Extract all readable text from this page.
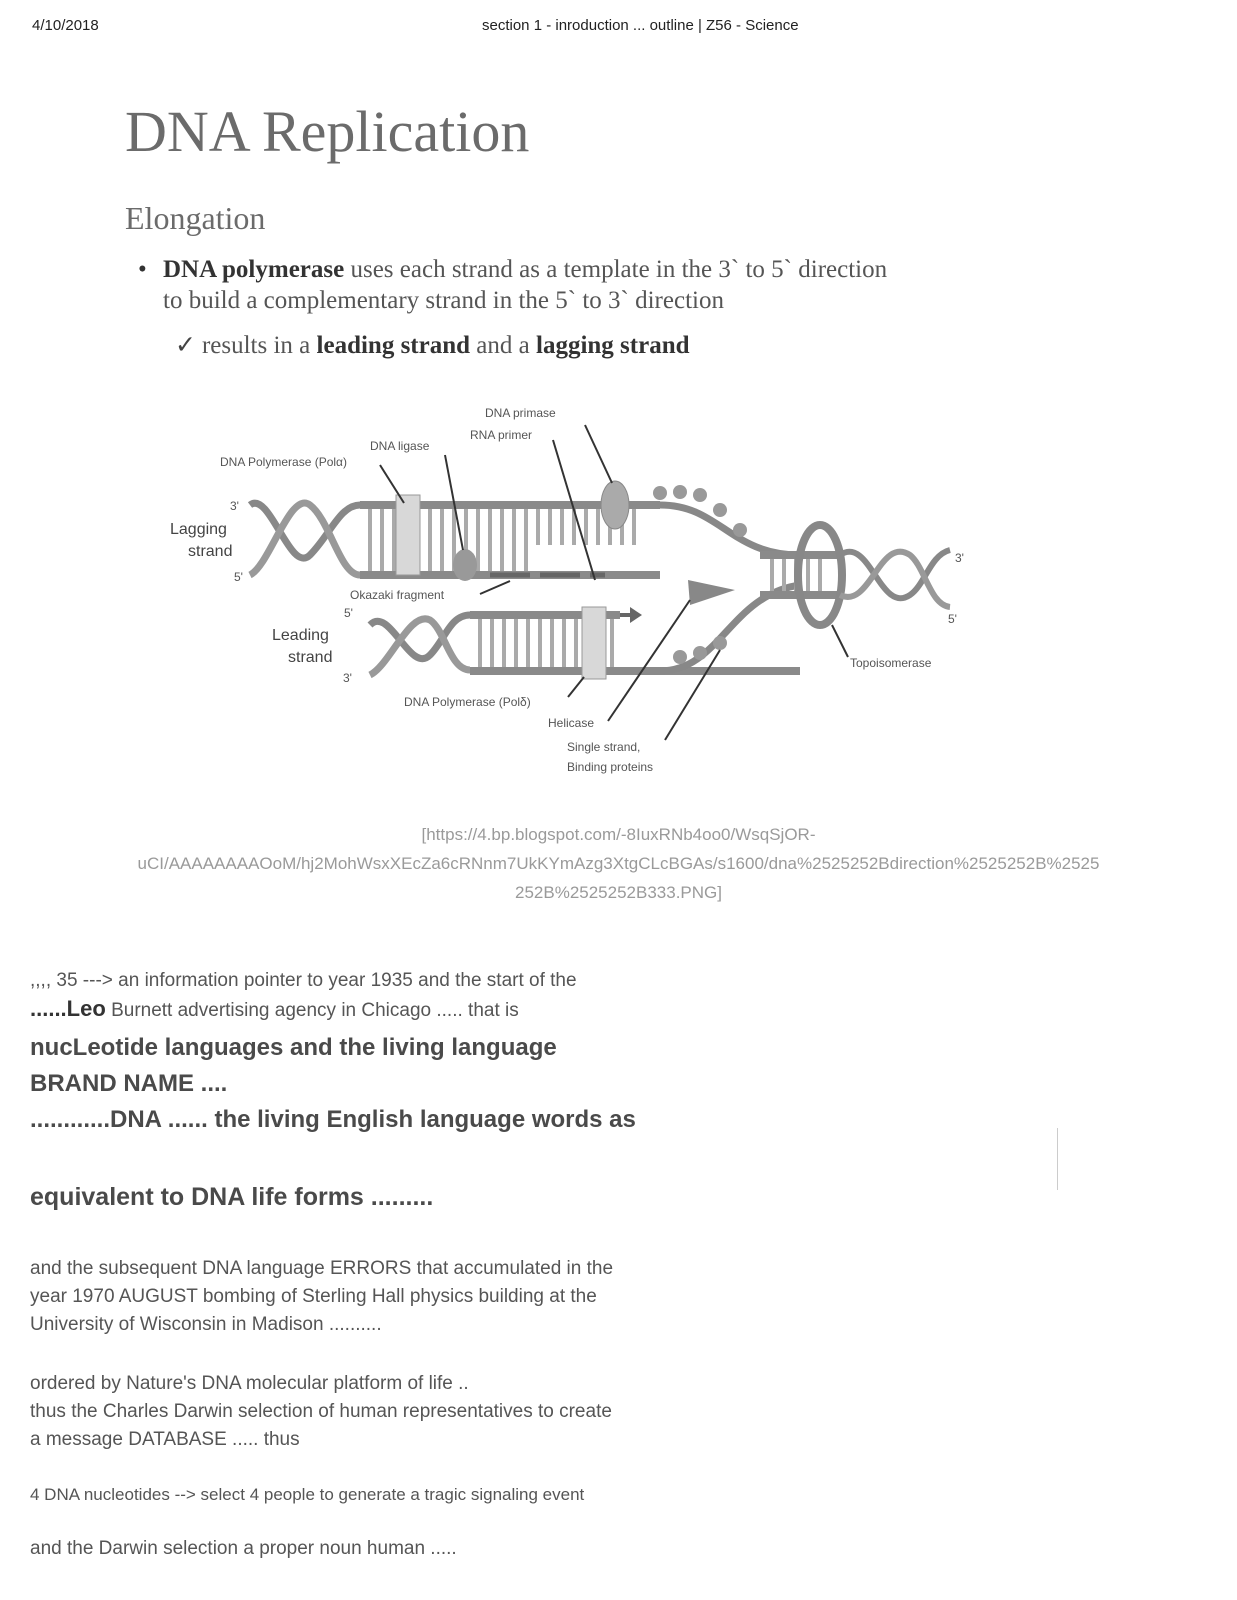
4/10/2018	section 1 - inroduction ... outline | Z56 - Science
DNA Replication
Elongation
• DNA polymerase uses each strand as a template in the 3` to 5` direction
to build a complementary strand in the 5` to 3` direction
✓ results in a leading strand and a lagging strand
DNA primase
RNA primer
DNA ligase
DNA Polymerase (Polα)
3'
Lagging
strand
5'
Okazaki fragment
5'
Leading
strand
3'
3'
5'
Topoisomerase
DNA Polymerase (Polδ)
Helicase
Single strand,
Binding proteins
[https://4.bp.blogspot.com/-8IuxRNb4oo0/WsqSjOR-
uCI/AAAAAAAAOoM/hj2MohWsxXEcZa6cRNnm7UkKYmAzg3XtgCLcBGAs/s1600/dna%2525252Bdirection%2525252B%2525
252B%2525252B333.PNG]
,,,, 35 ---> an information pointer to year 1935 and the start of the
......Leo Burnett advertising agency in Chicago ..... that is
nucLeotide languages and the living language
BRAND NAME ....
............DNA ...... the living English language words as
equivalent to DNA life forms .........
and the subsequent DNA language ERRORS that accumulated in the
year 1970 AUGUST bombing of Sterling Hall physics building at the
University of Wisconsin in Madison ..........
ordered by Nature's DNA molecular platform of life ..
thus the Charles Darwin selection of human representatives to create
a message DATABASE ..... thus
4 DNA nucleotides --> select 4 people to generate a tragic signaling event
and the Darwin selection a proper noun human .....
